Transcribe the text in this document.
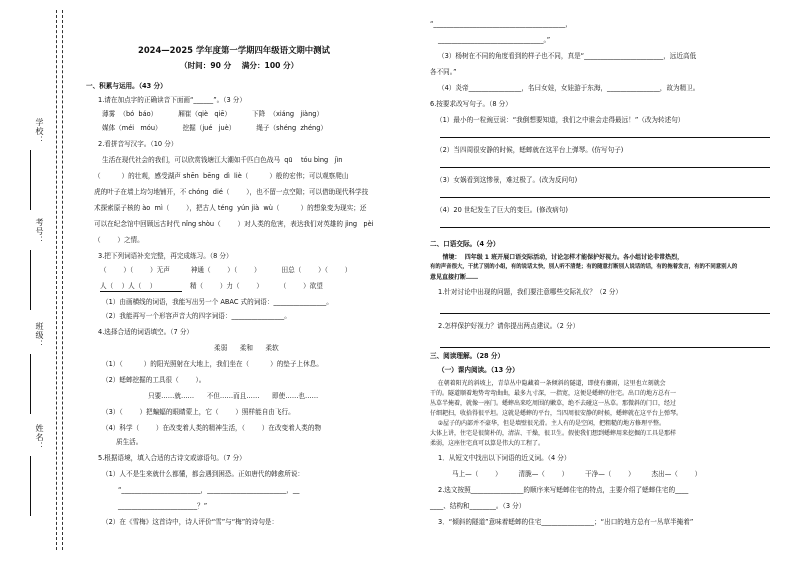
学校：
考号：
班级：
姓名：
2024—2025 学年度第一学期四年级语文期中测试
（时间：90 分    满分：100 分）
一、积累与运用。（43 分）
1.请在加点字的正确读音下面画“______”。（3 分）
薄雾  （bó  báo）          厢崔（qiè   qiē）          下降  （xiáng   jiàng）
媒体（méi   móu）          挖掘（jué   juè）          绳子（shéng  zhéng）
2.看拼音写汉字。（10 分）
生活在现代社会的我们，可以欣赏钱塘江大潮如千匹白色战马  qū    tóu bìng   jìn
（          ）的壮观，感受湖声 shēn  bēng  dì  liè（          ）般的宏伟；可以观察爬山
虎的叶子在墙上均匀地铺开，不 chóng  dié（        ），也不留一点空隙；可以借助现代科学技
术探索原子核的 ào  mì（        ），把古人 téng  yún jià  wù（          ）的想象变为现实；还
可以在纪念馆中回顾远古时代 nǐng shòu（        ）对人类的危害，表达我们对英雄的 jìng   pèi
（        ）之情。
3.把下列词语补充完整，再完成练习。（8 分）
（        ）（        ）无声          神通（        ）（        ）          田总（        ）（        ）
人（    ）人（    ）                精（        ）力（        ）        （        ）欲望
（1）由画横线的词语，我能写出另一个 ABAC 式的词语：________________。
（2）我能再写一个形容声音大的四字词语：________________。
4.选择合适的词语填空。（7 分）
柔弱      柔和      柔软
（1）（          ）的阳光照射在大地上，我们坐在（          ）的垫子上休息。
（2）蟋蟀挖掘的工具很（        ）。
只要……就……      不但……而且……      即使……也……
（3）（        ）把蝙蝠的眼睛蒙上，它（        ）照样能自由飞行。
（4）科学（        ）在改变着人类的精神生活，（        ）在改变着人类的物
质生活。
5.根据语境，填入合适的古诗文或谚语句。（7 分）
（1）人不是生来就什么都懂，都会遇到困恐。正如唐代的韩愈所说：
“________________________，________________________，__
________________________？”
（2）在《雪梅》这首诗中，诗人评价“雪”与“梅”的诗句是：
“________________________________________，
________________________________。”
（3）杨树在不同的角度看到的样子也不同，真是“________________________，远近高低
各不同。”
（4）炎帝________________，名曰女娃，女娃游于东海，________________，故为精卫。
6.按要求改写句子。（8 分）
（1）最小的一粒豌豆说：“我倒想要知道，我们之中谁会走得最远！”（改为转述句）
（2）当四周很安静的时候，蟋蟀就在这平台上弹琴。(仿写句子)
（3）女娲看到这惨景，难过极了。(改为反问句)
（4）20 世纪发生了巨大的变巨。(修改病句)
二、口语交际。（4 分）
情境：  四年级 1 班开展口语交际活动，讨论怎样才能保护好视力。各小组讨论非常热烈，
有的声音很大，干扰了别的小组，有的说话太快，别人听不清楚；有的随意打断别人说话的话，有的拖着发言，有的不同意别人的
意见直接打断……
1.针对讨论中出现的问题，我们要注意哪些交际礼仪？（2 分）
2.怎样保护好视力？请你提出两点建议。（2 分）
三、阅读理解。（28 分）
（一）课内阅读。（13 分）
在朝着阳光的斜坡上，青草丛中隐藏着一条倾斜的隧道，即使有骤雨，这里也立刻就会
干的。隧道顺着地势弯弯曲曲，最多九寸深，一指宽，这便是蟋蟀的住宅。出口的地方总有一
丛草半掩着，就像一座门。蟋蟀出来吃周围的嫩草，绝不去碰这一丛草。那微斜的门口，经过
仔细耙扫，收拾得很平坦。这就是蟋蟀的平台，当四周很安静的时候，蟋蟀就在这平台上弹琴。
②屋子的内部并不豪华，但是墙壁很光滑。主人有的是空闲，把粗糙的地方修理平整。
大体上讲，住宅是很简朴的，清洁、干燥，很卫生。假使我们想到蟋蟀用来挖掘的工具是那样
柔弱，这座住宅真可以算是伟大的工程了。
1．从短文中找出以下词语的近义词。（4 分）
马上—（        ）        清脆—（        ）        干净—（        ）        杰出—（        ）
2.选文按照________________的顺序来写蟋蟀住宅的特点，主要介绍了蟋蟀住宅的____
____、结构和________。（3 分）
3．“倾斜的隧道”意味着蟋蟀的住宅________________；“出口的地方总有一丛草半掩着”
